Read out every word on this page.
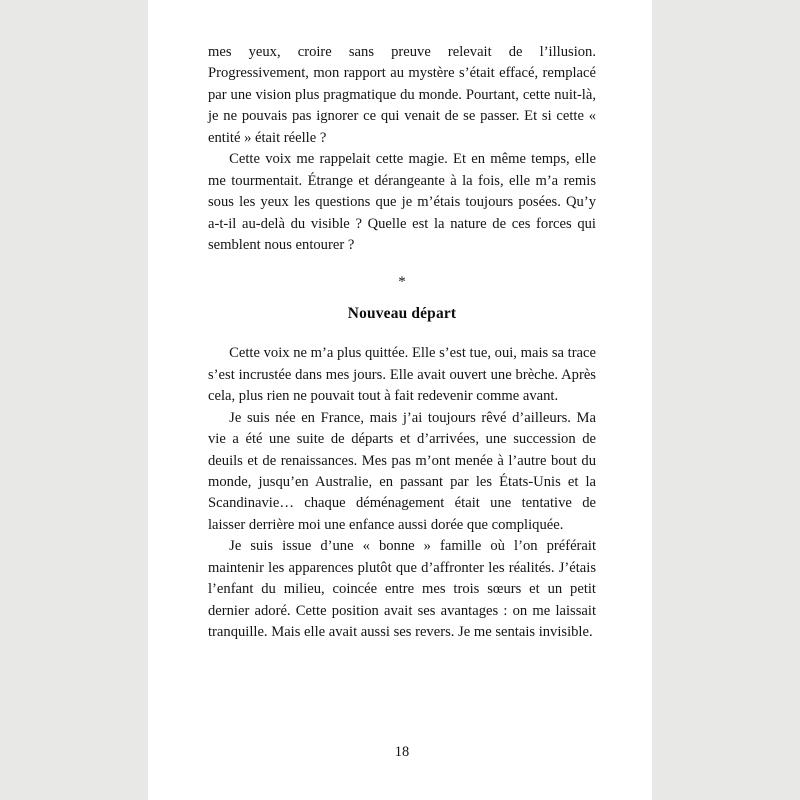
mes yeux, croire sans preuve relevait de l’illusion. Progressivement, mon rapport au mystère s’était effacé, remplacé par une vision plus pragmatique du monde. Pourtant, cette nuit-là, je ne pouvais pas ignorer ce qui venait de se passer. Et si cette « entité » était réelle ?

Cette voix me rappelait cette magie. Et en même temps, elle me tourmentait. Étrange et dérangeante à la fois, elle m’a remis sous les yeux les questions que je m’étais toujours posées. Qu’y a-t-il au-delà du visible ? Quelle est la nature de ces forces qui semblent nous entourer ?

*
Nouveau départ

Cette voix ne m’a plus quittée. Elle s’est tue, oui, mais sa trace s’est incrustée dans mes jours. Elle avait ouvert une brèche. Après cela, plus rien ne pouvait tout à fait redevenir comme avant.

Je suis née en France, mais j’ai toujours rêvé d’ailleurs. Ma vie a été une suite de départs et d’arrivées, une succession de deuils et de renaissances. Mes pas m’ont menée à l’autre bout du monde, jusqu’en Australie, en passant par les États-Unis et la Scandinavie… chaque déménagement était une tentative de laisser derrière moi une enfance aussi dorée que compliquée.

Je suis issue d’une « bonne » famille où l’on préférait maintenir les apparences plutôt que d’affronter les réalités. J’étais l’enfant du milieu, coincée entre mes trois sœurs et un petit dernier adoré. Cette position avait ses avantages : on me laissait tranquille. Mais elle avait aussi ses revers. Je me sentais invisible.

18
